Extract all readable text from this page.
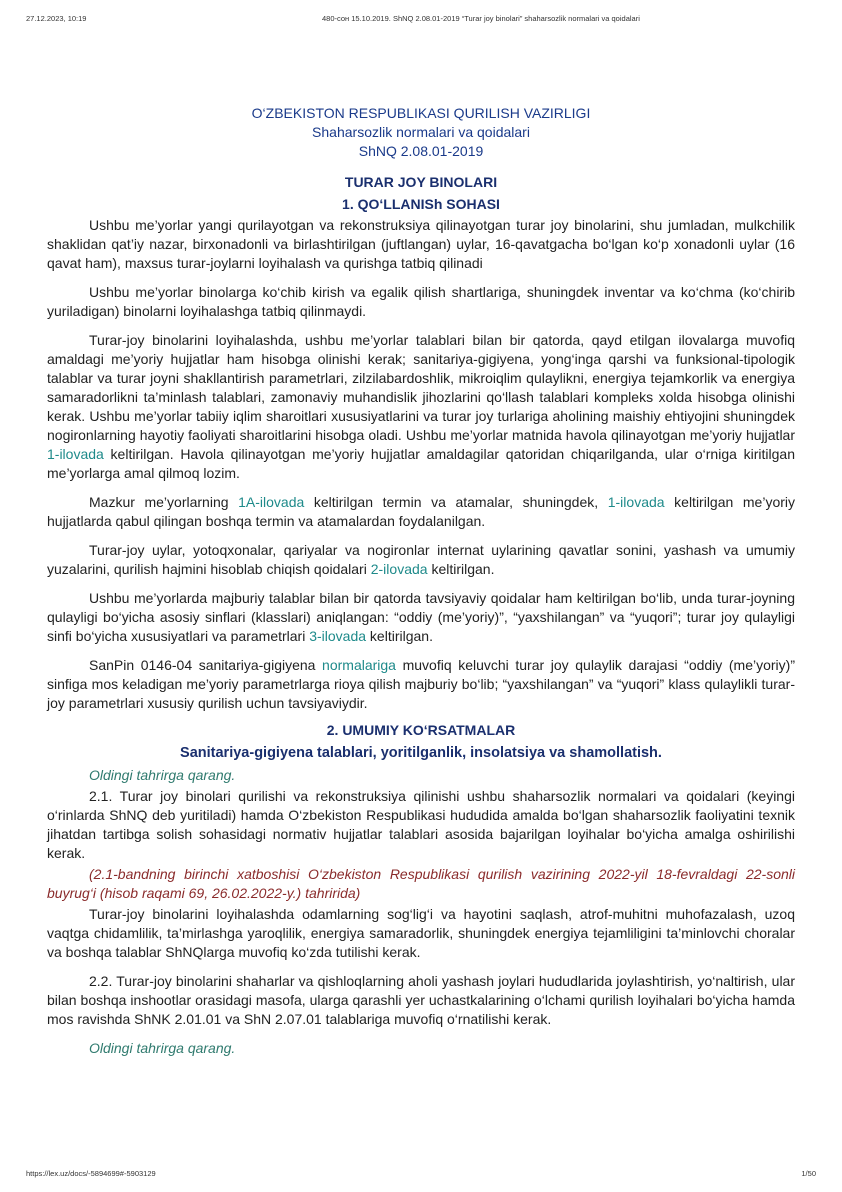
27.12.2023, 10:19	480-сон 15.10.2019. ShNQ 2.08.01-2019 “Turar joy binolari” shaharsozlik normalari va qoidalari
O‘ZBEKISTON RESPUBLIKASI QURILISH VAZIRLIGI
Shaharsozlik normalari va qoidalari
ShNQ 2.08.01-2019
TURAR JOY BINOLARI
1. QO‘LLANISh SOHASI

Ushbu me’yorlar yangi qurilayotgan va rekonstruksiya qilinayotgan turar joy binolarini, shu jumladan, mulkchilik shaklidan qat’iy nazar, birxonadonli va birlashtirilgan (juftlangan) uylar, 16-qavatgacha bo‘lgan ko‘p xonadonli uylar (16 qavat ham), maxsus turar-joylarni loyihalash va qurishga tatbiq qilinadi

Ushbu me’yorlar binolarga ko‘chib kirish va egalik qilish shartlariga, shuningdek inventar va ko‘chma (ko‘chirib yuriladigan) binolarni loyihalashga tatbiq qilinmaydi.

Turar-joy binolarini loyihalashda, ushbu me’yorlar talablari bilan bir qatorda, qayd etilgan ilovalarga muvofiq amaldagi me’yoriy hujjatlar ham hisobga olinishi kerak; sanitariya-gigiyena, yong‘inga qarshi va funksional-tipologik talablar va turar joyni shakllantirish parametrlari, zilzilabardoshlik, mikroiqlim qulaylikni, energiya tejamkorlik va energiya samaradorlikni ta’minlash talablari, zamonaviy muhandislik jihozlarini qo‘llash talablari kompleks xolda hisobga olinishi kerak. Ushbu me’yorlar tabiiy iqlim sharoitlari xususiyatlarini va turar joy turlariga aholining maishiy ehtiyojini shuningdek nogironlarning hayotiy faoliyati sharoitlarini hisobga oladi. Ushbu me’yorlar matnida havola qilinayotgan me’yoriy hujjatlar 1-ilovada keltirilgan. Havola qilinayotgan me’yoriy hujjatlar amaldagilar qatoridan chiqarilganda, ular o‘rniga kiritilgan me’yorlarga amal qilmoq lozim.

Mazkur me’yorlarning 1A-ilovada keltirilgan termin va atamalar, shuningdek, 1-ilovada keltirilgan me’yoriy hujjatlarda qabul qilingan boshqa termin va atamalardan foydalanilgan.

Turar-joy uylar, yotoqxonalar, qariyalar va nogironlar internat uylarining qavatlar sonini, yashash va umumiy yuzalarini, qurilish hajmini hisoblab chiqish qoidalari 2-ilovada keltirilgan.

Ushbu me’yorlarda majburiy talablar bilan bir qatorda tavsiyaviy qoidalar ham keltirilgan bo‘lib, unda turar-joyning qulayligi bo‘yicha asosiy sinflari (klasslari) aniqlangan: “oddiy (me’yoriy)”, “yaxshilangan” va “yuqori”; turar joy qulayligi sinfi bo‘yicha xususiyatlari va parametrlari 3-ilovada keltirilgan.

SanPin 0146-04 sanitariya-gigiyena normalariga muvofiq keluvchi turar joy qulaylik darajasi “oddiy (me’yoriy)” sinfiga mos keladigan me’yoriy parametrlarga rioya qilish majburiy bo‘lib; “yaxshilangan” va “yuqori” klass qulaylikli turar-joy parametrlari xususiy qurilish uchun tavsiyaviydir.

2. UMUMIY KO‘RSATMALAR
Sanitariya-gigiyena talablari, yoritilganlik, insolatsiya va shamollatish.
Oldingi tahrirga qarang.

2.1. Turar joy binolari qurilishi va rekonstruksiya qilinishi ushbu shaharsozlik normalari va qoidalari (keyingi o‘rinlarda ShNQ deb yuritiladi) hamda O‘zbekiston Respublikasi hududida amalda bo‘lgan shaharsozlik faoliyatini texnik jihatdan tartibga solish sohasidagi normativ hujjatlar talablari asosida bajarilgan loyihalar bo‘yicha amalga oshirilishi kerak.

(2.1-bandning birinchi xatboshisi O‘zbekiston Respublikasi qurilish vazirining 2022-yil 18-fevraldagi 22-sonli buyrug‘i (hisob raqami 69, 26.02.2022-y.) tahririda)

Turar-joy binolarini loyihalashda odamlarning sog‘lig‘i va hayotini saqlash, atrof-muhitni muhofazalash, uzoq vaqtga chidamlilik, ta’mirlashga yaroqlilik, energiya samaradorlik, shuningdek energiya tejamliligini ta’minlovchi choralar va boshqa talablar ShNQlarga muvofiq ko‘zda tutilishi kerak.

2.2. Turar-joy binolarini shaharlar va qishloqlarning aholi yashash joylari hududlarida joylashtirish, yo‘naltirish, ular bilan boshqa inshootlar orasidagi masofa, ularga qarashli yer uchastkalarining o‘lchami qurilish loyihalari bo‘yicha hamda mos ravishda ShNK 2.01.01 va ShN 2.07.01 talablariga muvofiq o‘rnatilishi kerak.

Oldingi tahrirga qarang.
https://lex.uz/docs/-5894699#-5903129	1/50
